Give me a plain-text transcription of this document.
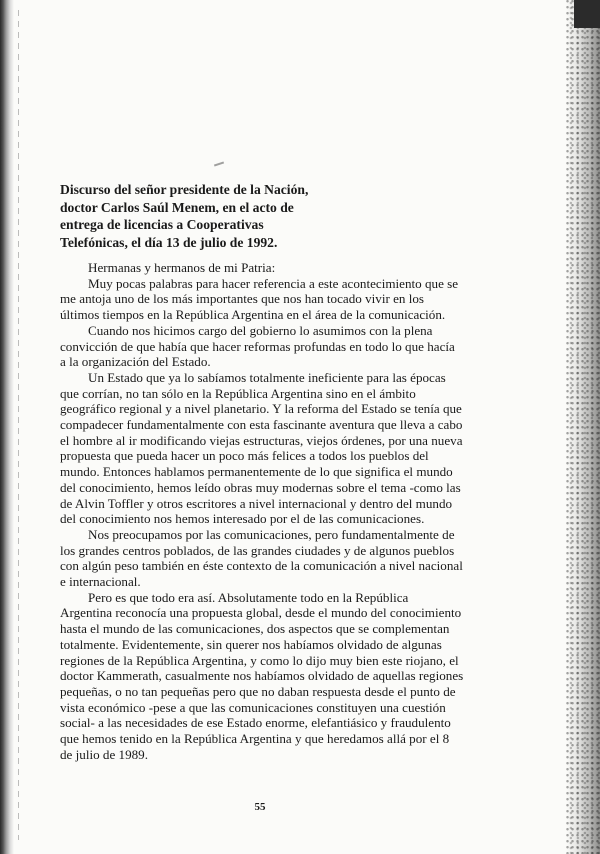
Discurso del señor presidente de la Nación,
doctor Carlos Saúl Menem, en el acto de
entrega de licencias a Cooperativas
Telefónicas, el día 13 de julio de 1992.
Hermanas y hermanos de mi Patria:
Muy pocas palabras para hacer referencia a este acontecimiento que se
me antoja uno de los más importantes que nos han tocado vivir en los
últimos tiempos en la República Argentina en el área de la comunicación.
Cuando nos hicimos cargo del gobierno lo asumimos con la plena
convicción de que había que hacer reformas profundas en todo lo que hacía
a la organización del Estado.
Un Estado que ya lo sabíamos totalmente ineficiente para las épocas
que corrían, no tan sólo en la República Argentina sino en el ámbito
geográfico regional y a nivel planetario. Y la reforma del Estado se tenía que
compadecer fundamentalmente con esta fascinante aventura que lleva a cabo
el hombre al ir modificando viejas estructuras, viejos órdenes, por una nueva
propuesta que pueda hacer un poco más felices a todos los pueblos del
mundo. Entonces hablamos permanentemente de lo que significa el mundo
del conocimiento, hemos leído obras muy modernas sobre el tema -como las
de Alvin Toffler y otros escritores a nivel internacional y dentro del mundo
del conocimiento nos hemos interesado por el de las comunicaciones.
Nos preocupamos por las comunicaciones, pero fundamentalmente de
los grandes centros poblados, de las grandes ciudades y de algunos pueblos
con algún peso también en éste contexto de la comunicación a nivel nacional
e internacional.
Pero es que todo era así. Absolutamente todo en la República
Argentina reconocía una propuesta global, desde el mundo del conocimiento
hasta el mundo de las comunicaciones, dos aspectos que se complementan
totalmente. Evidentemente, sin querer nos habíamos olvidado de algunas
regiones de la República Argentina, y como lo dijo muy bien este riojano, el
doctor Kammerath, casualmente nos habíamos olvidado de aquellas regiones
pequeñas, o no tan pequeñas pero que no daban respuesta desde el punto de
vista económico -pese a que las comunicaciones constituyen una cuestión
social- a las necesidades de ese Estado enorme, elefantiásico y fraudulento
que hemos tenido en la República Argentina y que heredamos allá por el 8
de julio de 1989.
55
